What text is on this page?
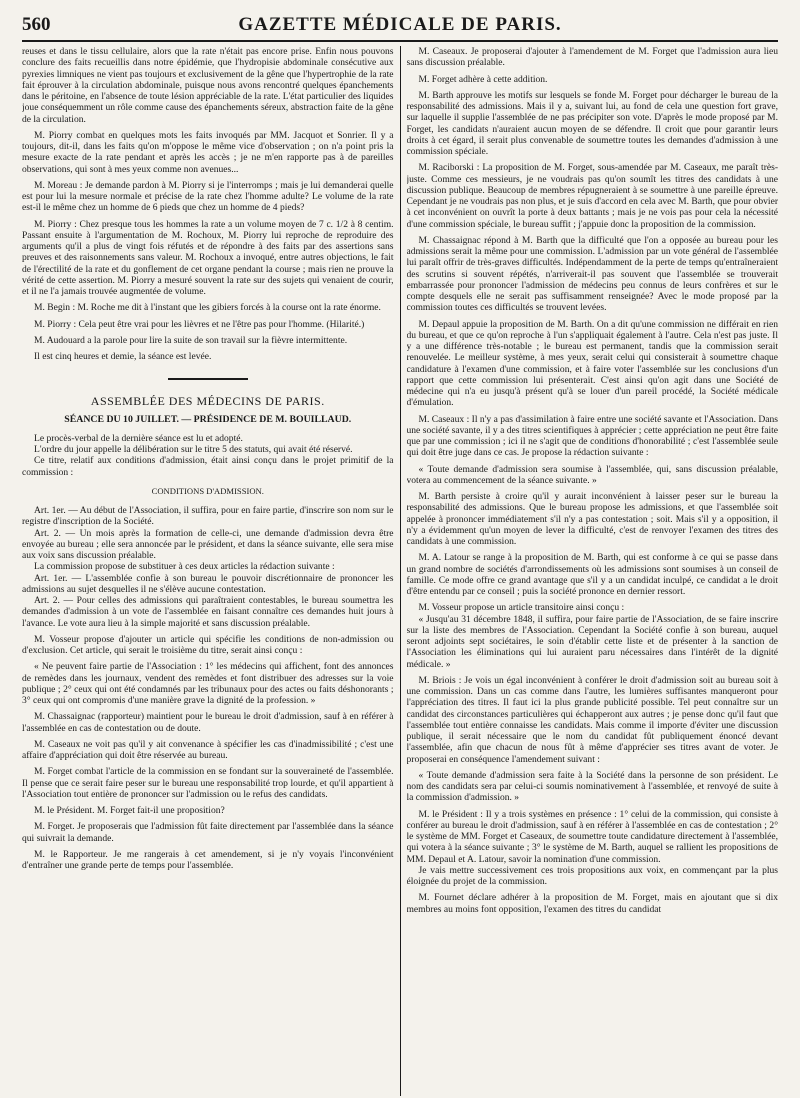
560	GAZETTE MÉDICALE DE PARIS.

reuses et dans le tissu cellulaire, alors que la rate n'était pas encore prise. Enfin nous pouvons conclure des faits recueillis dans notre épidémie, que l'hydropisie abdominale consécutive aux pyrexies limniques ne vient pas toujours et exclusivement de la gêne que l'hypertrophie de la rate fait éprouver à la circulation abdominale, puisque nous avons rencontré quelques épanchements dans le péritoine, en l'absence de toute lésion appréciable de la rate. L'état particulier des liquides joue conséquemment un rôle comme cause des épanchements séreux, abstraction faite de la gêne de la circulation.

M. Piorry combat en quelques mots les faits invoqués par MM. Jacquot et Sonrier. Il y a toujours, dit-il, dans les faits qu'on m'oppose le même vice d'observation ; on n'a point pris la mesure exacte de la rate pendant et après les accès ; je ne m'en rapporte pas à de pareilles observations, qui sont à mes yeux comme non avenues...

M. Moreau : Je demande pardon à M. Piorry si je l'interromps ; mais je lui demanderai quelle est pour lui la mesure normale et précise de la rate chez l'homme adulte? Le volume de la rate est-il le même chez un homme de 6 pieds que chez un homme de 4 pieds?

M. Piorry : Chez presque tous les hommes la rate a un volume moyen de 7 c. 1/2 à 8 centim. Passant ensuite à l'argumentation de M. Rochoux, M. Piorry lui reproche de reproduire des arguments qu'il a plus de vingt fois réfutés et de répondre à des faits par des assertions sans preuves et des raisonnements sans valeur. M. Rochoux a invoqué, entre autres objections, le fait de l'érectilité de la rate et du gonflement de cet organe pendant la course ; mais rien ne prouve la vérité de cette assertion. M. Piorry a mesuré souvent la rate sur des sujets qui venaient de courir, et il ne l'a jamais trouvée augmentée de volume.

M. Begin : M. Roche me dit à l'instant que les gibiers forcés à la course ont la rate énorme.

M. Piorry : Cela peut être vrai pour les lièvres et ne l'être pas pour l'homme. (Hilarité.)

M. Audouard a la parole pour lire la suite de son travail sur la fièvre intermittente.

Il est cinq heures et demie, la séance est levée.

ASSEMBLÉE DES MÉDECINS DE PARIS.
SÉANCE DU 10 JUILLET. — PRÉSIDENCE DE M. BOUILLAUD.

Le procès-verbal de la dernière séance est lu et adopté.

L'ordre du jour appelle la délibération sur le titre 5 des statuts, qui avait été réservé.

Ce titre, relatif aux conditions d'admission, était ainsi conçu dans le projet primitif de la commission :

CONDITIONS D'ADMISSION.

Art. 1er. — Au début de l'Association, il suffira, pour en faire partie, d'inscrire son nom sur le registre d'inscription de la Société.

Art. 2. — Un mois après la formation de celle-ci, une demande d'admission devra être envoyée au bureau ; elle sera annoncée par le président, et dans la séance suivante, elle sera mise aux voix sans discussion préalable.

La commission propose de substituer à ces deux articles la rédaction suivante :

Art. 1er. — L'assemblée confie à son bureau le pouvoir discrétionnaire de prononcer les admissions au sujet desquelles il ne s'élève aucune contestation.

Art. 2. — Pour celles des admissions qui paraîtraient contestables, le bureau soumettra les demandes d'admission à un vote de l'assemblée en faisant connaître ces demandes huit jours à l'avance. Le vote aura lieu à la simple majorité et sans discussion préalable.

M. Vosseur propose d'ajouter un article qui spécifie les conditions de non-admission ou d'exclusion. Cet article, qui serait le troisième du titre, serait ainsi conçu :

« Ne peuvent faire partie de l'Association : 1° les médecins qui affichent, font des annonces de remèdes dans les journaux, vendent des remèdes et font distribuer des adresses sur la voie publique ; 2° ceux qui ont été condamnés par les tribunaux pour des actes ou faits déshonorants ; 3° ceux qui ont compromis d'une manière grave la dignité de la profession. »

M. Chassaignac (rapporteur) maintient pour le bureau le droit d'admission, sauf à en référer à l'assemblée en cas de contestation ou de doute.

M. Caseaux ne voit pas qu'il y ait convenance à spécifier les cas d'inadmissibilité ; c'est une affaire d'appréciation qui doit être réservée au bureau.

M. Forget combat l'article de la commission en se fondant sur la souveraineté de l'assemblée. Il pense que ce serait faire peser sur le bureau une responsabilité trop lourde, et qu'il appartient à l'Association tout entière de prononcer sur l'admission ou le refus des candidats.

M. le Président. M. Forget fait-il une proposition?

M. Forget. Je proposerais que l'admission fût faite directement par l'assemblée dans la séance qui suivrait la demande.

M. le Rapporteur. Je me rangerais à cet amendement, si je n'y voyais l'inconvénient d'entraîner une grande perte de temps pour l'assemblée.

M. Caseaux. Je proposerai d'ajouter à l'amendement de M. Forget que l'admission aura lieu sans discussion préalable.

M. Forget adhère à cette addition.

M. Barth approuve les motifs sur lesquels se fonde M. Forget pour décharger le bureau de la responsabilité des admissions. Mais il y a, suivant lui, au fond de cela une question fort grave, sur laquelle il supplie l'assemblée de ne pas précipiter son vote. D'après le mode proposé par M. Forget, les candidats n'auraient aucun moyen de se défendre. Il croit que pour garantir leurs droits à cet égard, il serait plus convenable de soumettre toutes les demandes d'admission à une commission spéciale.

M. Raciborski : La proposition de M. Forget, sous-amendée par M. Caseaux, me paraît très-juste. Comme ces messieurs, je ne voudrais pas qu'on soumît les titres des candidats à une discussion publique. Beaucoup de membres répugneraient à se soumettre à une pareille épreuve. Cependant je ne voudrais pas non plus, et je suis d'accord en cela avec M. Barth, que pour obvier à cet inconvénient on ouvrît la porte à deux battants ; mais je ne vois pas pour cela la nécessité d'une commission spéciale, le bureau suffit ; j'appuie donc la proposition de la commission.

M. Chassaignac répond à M. Barth que la difficulté que l'on a opposée au bureau pour les admissions serait la même pour une commission. L'admission par un vote général de l'assemblée lui paraît offrir de très-graves difficultés. Indépendamment de la perte de temps qu'entraîneraient des scrutins si souvent répétés, n'arriverait-il pas souvent que l'assemblée se trouverait embarrassée pour prononcer l'admission de médecins peu connus de leurs confrères et sur le compte desquels elle ne serait pas suffisamment renseignée? Avec le mode proposé par la commission toutes ces difficultés se trouvent levées.

M. Depaul appuie la proposition de M. Barth. On a dit qu'une commission ne différait en rien du bureau, et que ce qu'on reproche à l'un s'appliquait également à l'autre. Cela n'est pas juste. Il y a une différence très-notable ; le bureau est permanent, tandis que la commission serait renouvelée. Le meilleur système, à mes yeux, serait celui qui consisterait à soumettre chaque candidature à l'examen d'une commission, et à faire voter l'assemblée sur les conclusions d'un rapport que cette commission lui présenterait. C'est ainsi qu'on agit dans une Société de médecine qui n'a eu jusqu'à présent qu'à se louer d'un pareil procédé, la Société médicale d'émulation.

M. Caseaux : Il n'y a pas d'assimilation à faire entre une société savante et l'Association. Dans une société savante, il y a des titres scientifiques à apprécier ; cette appréciation ne peut être faite que par une commission ; ici il ne s'agit que de conditions d'honorabilité ; c'est l'assemblée seule qui doit être juge dans ce cas. Je propose la rédaction suivante :

« Toute demande d'admission sera soumise à l'assemblée, qui, sans discussion préalable, votera au commencement de la séance suivante. »

M. Barth persiste à croire qu'il y aurait inconvénient à laisser peser sur le bureau la responsabilité des admissions. Que le bureau propose les admissions, et que l'assemblée soit appelée à prononcer immédiatement s'il n'y a pas contestation ; soit. Mais s'il y a opposition, il n'y a évidemment qu'un moyen de lever la difficulté, c'est de renvoyer l'examen des titres des candidats à une commission.

M. A. Latour se range à la proposition de M. Barth, qui est conforme à ce qui se passe dans un grand nombre de sociétés d'arrondissements où les admissions sont soumises à un conseil de famille. Ce mode offre ce grand avantage que s'il y a un candidat inculpé, ce candidat a le droit d'être entendu par ce conseil ; puis la société prononce en dernier ressort.

M. Vosseur propose un article transitoire ainsi conçu :

« Jusqu'au 31 décembre 1848, il suffira, pour faire partie de l'Association, de se faire inscrire sur la liste des membres de l'Association. Cependant la Société confie à son bureau, auquel seront adjoints sept sociétaires, le soin d'établir cette liste et de présenter à la sanction de l'Association les éliminations qui lui auraient paru nécessaires dans l'intérêt de la dignité médicale. »

M. Briois : Je vois un égal inconvénient à conférer le droit d'admission soit au bureau soit à une commission. Dans un cas comme dans l'autre, les lumières suffisantes manqueront pour l'appréciation des titres. Il faut ici la plus grande publicité possible. Tel peut connaître sur un candidat des circonstances particulières qui échapperont aux autres ; je pense donc qu'il faut que l'assemblée tout entière connaisse les candidats. Mais comme il importe d'éviter une discussion publique, il serait nécessaire que le nom du candidat fût publiquement énoncé devant l'assemblée, afin que chacun de nous fût à même d'apprécier ses titres avant de voter. Je proposerai en conséquence l'amendement suivant :

« Toute demande d'admission sera faite à la Société dans la personne de son président. Le nom des candidats sera par celui-ci soumis nominativement à l'assemblée, et renvoyé de suite à la commission d'admission. »

M. le Président : Il y a trois systèmes en présence : 1° celui de la commission, qui consiste à conférer au bureau le droit d'admission, sauf à en référer à l'assemblée en cas de contestation ; 2° le système de MM. Forget et Caseaux, de soumettre toute candidature directement à l'assemblée, qui votera à la séance suivante ; 3° le système de M. Barth, auquel se rallient les propositions de MM. Depaul et A. Latour, savoir la nomination d'une commission.

Je vais mettre successivement ces trois propositions aux voix, en commençant par la plus éloignée du projet de la commission.

M. Fournet déclare adhérer à la proposition de M. Forget, mais en ajoutant que si dix membres au moins font opposition, l'examen des titres du candidat
